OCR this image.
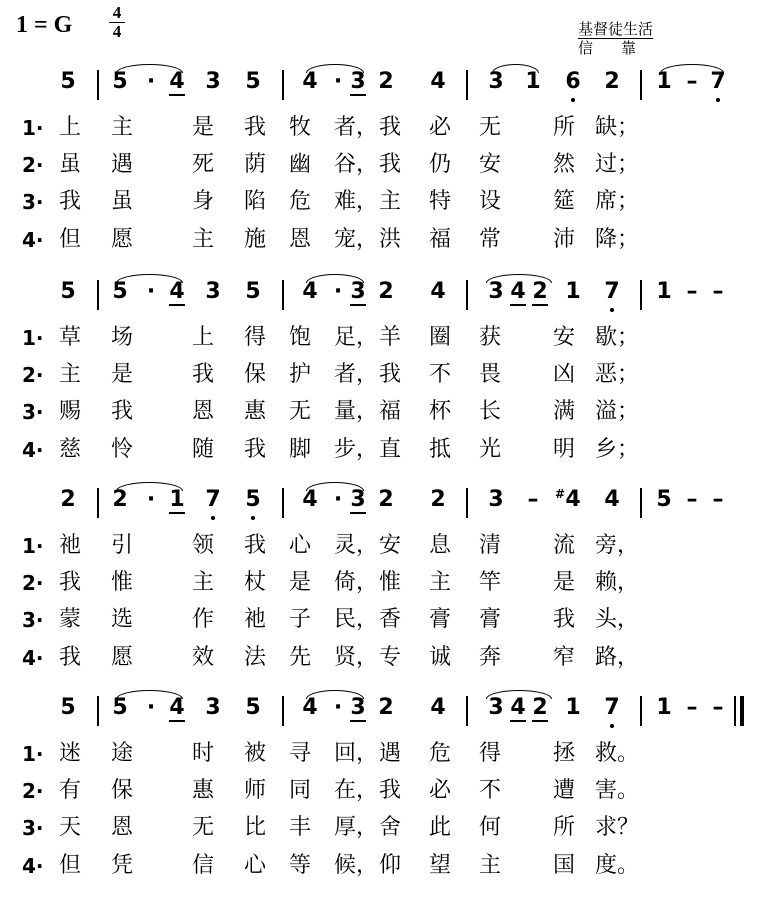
1 = G	4
4	基督徒生活
信靠
5 5 · 4 3 5 4 · 3 2 4 3 1 6 2 1 – 7
1· 上 主	是 我 牧 者， 我 必 无 所 缺；
2· 虽 遇	死 荫 幽 谷， 我 仍 安 然 过；
3· 我 虽	身 陷 危 难， 主 特 设 筵 席；
4· 但 愿	主 施 恩 宠， 洪 福 常 沛 降；
5 5 · 4 3 5 4 · 3 2 4 3 4 2 1 7 1 – –
1· 草 场	上 得 饱 足， 羊 圈 获 安 歇；
2· 主 是	我 保 护 者， 我 不 畏 凶 恶；
3· 赐 我	恩 惠 无 量， 福 杯 长 满 溢；
4· 慈 怜	随 我 脚 步， 直 抵 光 明 乡；
2 2 · 1 7 5 4 · 3 2 2 3	–	4
# 4 5 – –
1· 祂 引	领 我 心 灵， 安 息 清 流 旁，
2· 我 惟	主 杖 是 倚， 惟 主 竿 是 赖，
3· 蒙 选	作 祂 子 民， 香 膏 膏 我 头，
4· 我 愿	效 法 先 贤， 专 诚 奔 窄 路，
5 5 · 4 3 5 4 · 3 2 4 3 4 2 1 7 1 – –
1· 迷 途	时 被 寻 回， 遇 危 得 拯 救。
2· 有 保	惠 师 同 在， 我 必 不 遭 害。
3· 天 恩	无 比 丰 厚， 舍 此 何 所 求？
4· 但 凭	信 心 等 候， 仰 望 主 国 度。
